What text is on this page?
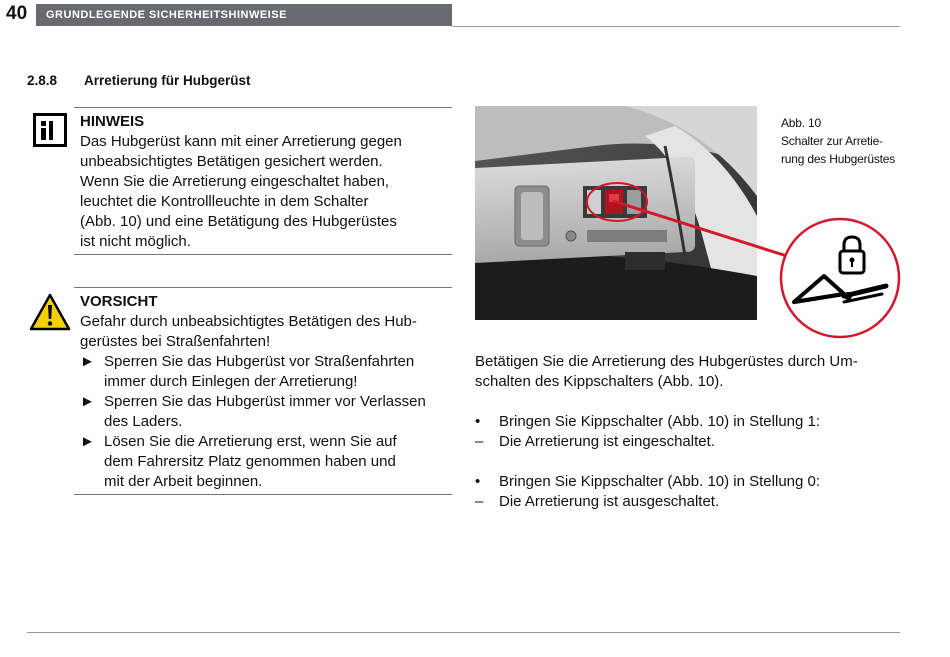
40	GRUNDLEGENDE SICHERHEITSHINWEISE
2.8.8 Arretierung für Hubgerüst
HINWEIS
Das Hubgerüst kann mit einer Arretierung gegen
unbeabsichtigtes Betätigen gesichert werden.
Wenn Sie die Arretierung eingeschaltet haben,
leuchtet die Kontrollleuchte in dem Schalter
(Abb. 10) und eine Betätigung des Hubgerüstes
ist nicht möglich.
VORSICHT
Gefahr durch unbeabsichtigtes Betätigen des Hub-
gerüstes bei Straßenfahrten!
► Sperren Sie das Hubgerüst vor Straßenfahrten
immer durch Einlegen der Arretierung!
► Sperren Sie das Hubgerüst immer vor Verlassen
des Laders.
► Lösen Sie die Arretierung erst, wenn Sie auf
dem Fahrersitz Platz genommen haben und
mit der Arbeit beginnen.
Abb. 10
Schalter zur Arretie-
rung des Hubgerüstes
Betätigen Sie die Arretierung des Hubgerüstes durch Um-
schalten des Kippschalters (Abb. 10).
•	Bringen Sie Kippschalter (Abb. 10) in Stellung 1:
–	Die Arretierung ist eingeschaltet.
•	Bringen Sie Kippschalter (Abb. 10) in Stellung 0:
–	Die Arretierung ist ausgeschaltet.
